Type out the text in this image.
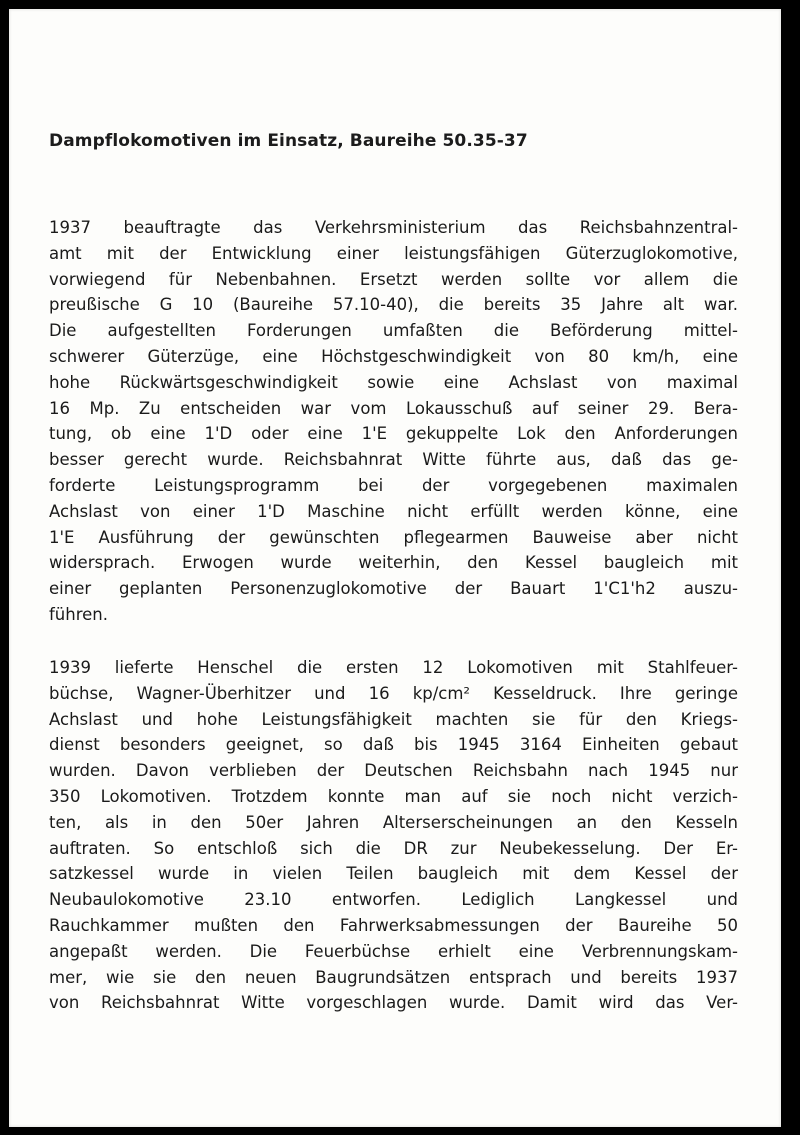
Dampflokomotiven im Einsatz, Baureihe 50.35-37
1937 beauftragte das Verkehrsministerium das Reichsbahnzentral-
amt mit der Entwicklung einer leistungsfähigen Güterzuglokomotive,
vorwiegend für Nebenbahnen. Ersetzt werden sollte vor allem die
preußische G 10 (Baureihe 57.10-40), die bereits 35 Jahre alt war.
Die aufgestellten Forderungen umfaßten die Beförderung mittel-
schwerer Güterzüge, eine Höchstgeschwindigkeit von 80 km/h, eine
hohe Rückwärtsgeschwindigkeit sowie eine Achslast von maximal
16 Mp. Zu entscheiden war vom Lokausschuß auf seiner 29. Bera-
tung, ob eine 1'D oder eine 1'E gekuppelte Lok den Anforderungen
besser gerecht wurde. Reichsbahnrat Witte führte aus, daß das ge-
forderte Leistungsprogramm bei der vorgegebenen maximalen
Achslast von einer 1'D Maschine nicht erfüllt werden könne, eine
1'E Ausführung der gewünschten pflegearmen Bauweise aber nicht
widersprach. Erwogen wurde weiterhin, den Kessel baugleich mit
einer geplanten Personenzuglokomotive der Bauart 1'C1'h2 auszu-
führen.
1939 lieferte Henschel die ersten 12 Lokomotiven mit Stahlfeuer-
büchse, Wagner-Überhitzer und 16 kp/cm² Kesseldruck. Ihre geringe
Achslast und hohe Leistungsfähigkeit machten sie für den Kriegs-
dienst besonders geeignet, so daß bis 1945 3164 Einheiten gebaut
wurden. Davon verblieben der Deutschen Reichsbahn nach 1945 nur
350 Lokomotiven. Trotzdem konnte man auf sie noch nicht verzich-
ten, als in den 50er Jahren Alterserscheinungen an den Kesseln
auftraten. So entschloß sich die DR zur Neubekesselung. Der Er-
satzkessel wurde in vielen Teilen baugleich mit dem Kessel der
Neubaulokomotive 23.10 entworfen. Lediglich Langkessel und
Rauchkammer mußten den Fahrwerksabmessungen der Baureihe 50
angepaßt werden. Die Feuerbüchse erhielt eine Verbrennungskam-
mer, wie sie den neuen Baugrundsätzen entsprach und bereits 1937
von Reichsbahnrat Witte vorgeschlagen wurde. Damit wird das Ver-
